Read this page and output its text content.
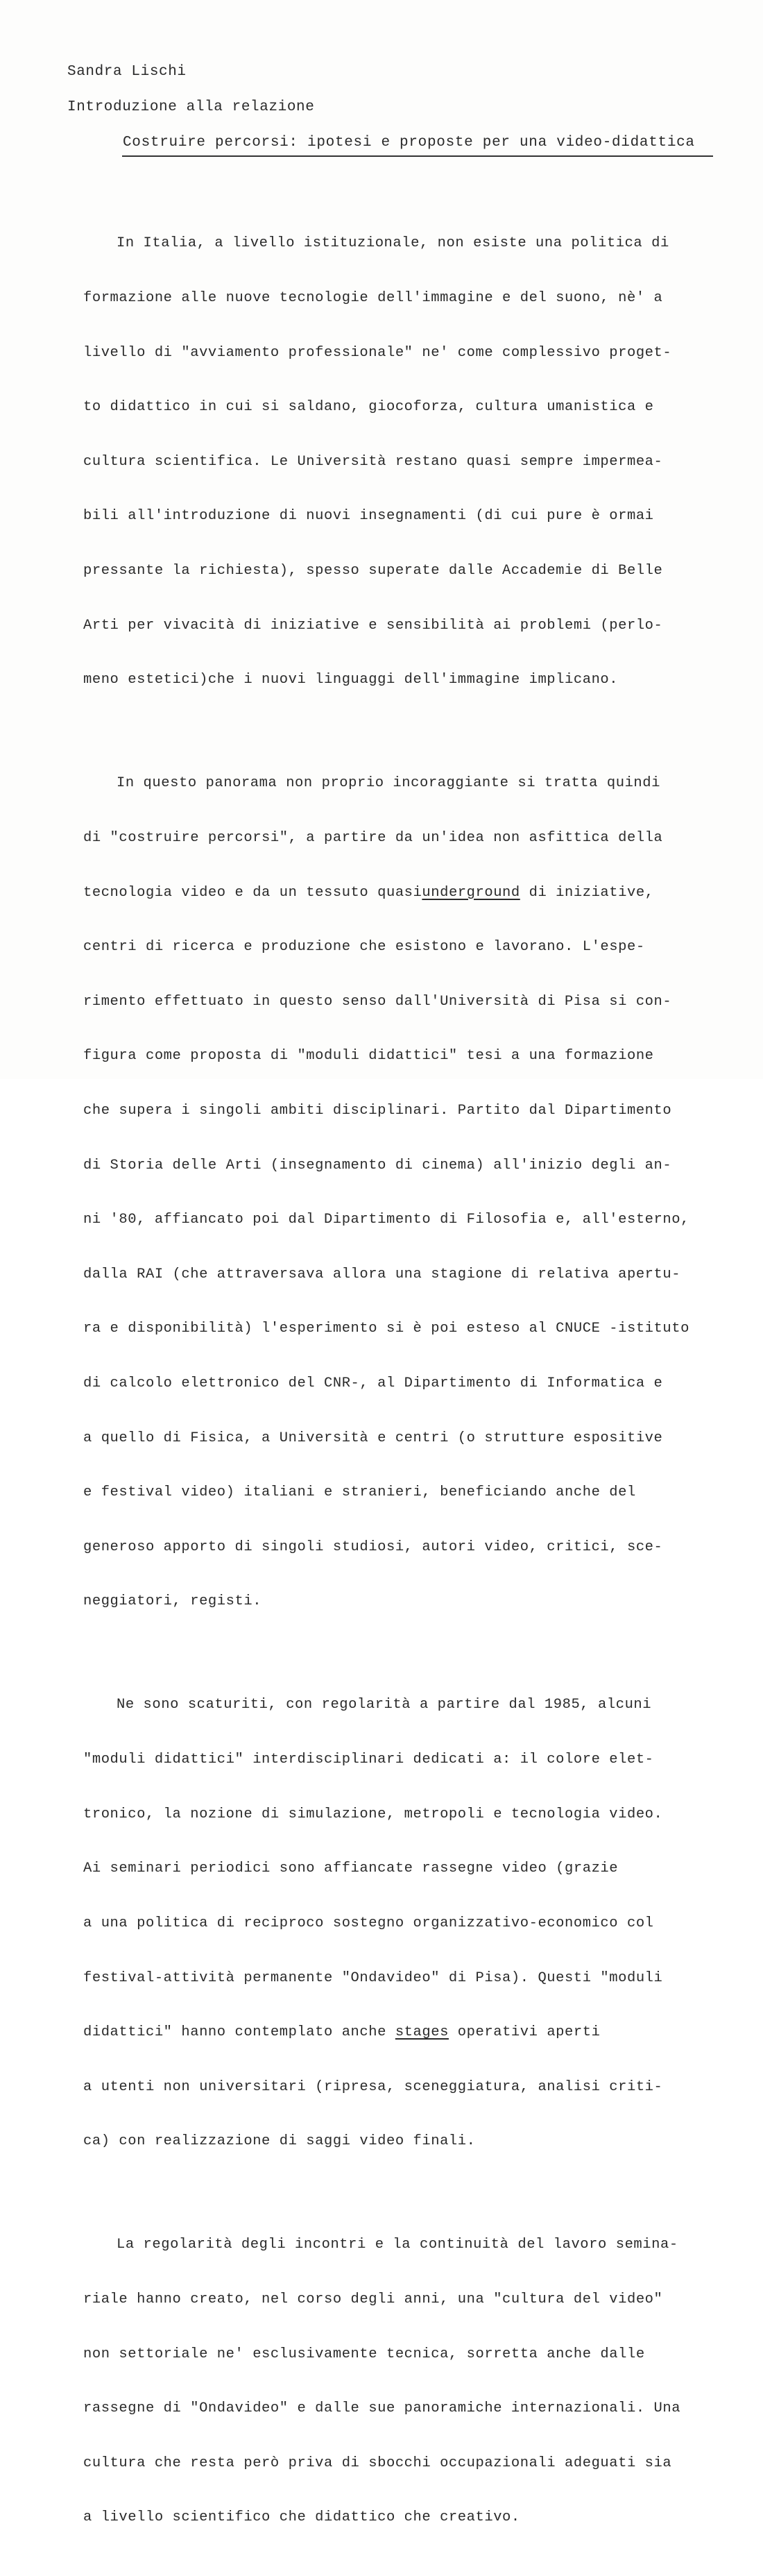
Sandra Lischi
Introduzione alla relazione
Costruire percorsi: ipotesi e proposte per una video-didattica

In Italia, a livello istituzionale, non esiste una politica di

formazione alle nuove tecnologie dell'immagine e del suono, nè' a

livello di "avviamento professionale" ne' come complessivo proget-

to didattico in cui si saldano, giocoforza, cultura umanistica e

cultura scientifica. Le Università restano quasi sempre impermea-

bili all'introduzione di nuovi insegnamenti (di cui pure è ormai

pressante la richiesta), spesso superate dalle Accademie di Belle

Arti per vivacità di iniziative e sensibilità ai problemi (perlo-

meno estetici)che i nuovi linguaggi dell'immagine implicano.

In questo panorama non proprio incoraggiante si tratta quindi

di "costruire percorsi", a partire da un'idea non asfittica della

tecnologia video e da un tessuto quasiunderground di iniziative,

centri di ricerca e produzione che esistono e lavorano. L'espe-

rimento effettuato in questo senso dall'Università di Pisa si con-

figura come proposta di "moduli didattici" tesi a una formazione

che supera i singoli ambiti disciplinari. Partito dal Dipartimento

di Storia delle Arti (insegnamento di cinema) all'inizio degli an-

ni '80, affiancato poi dal Dipartimento di Filosofia e, all'esterno,

dalla RAI (che attraversava allora una stagione di relativa apertu-

ra e disponibilità) l'esperimento si è poi esteso al CNUCE -istituto

di calcolo elettronico del CNR-, al Dipartimento di Informatica e

a quello di Fisica, a Università e centri (o strutture espositive

e festival video) italiani e stranieri, beneficiando anche del

generoso apporto di singoli studiosi, autori video, critici, sce-

neggiatori, registi.

Ne sono scaturiti, con regolarità a partire dal 1985, alcuni

"moduli didattici" interdisciplinari dedicati a: il colore elet-

tronico, la nozione di simulazione, metropoli e tecnologia video.

Ai seminari periodici sono affiancate rassegne video (grazie

a una politica di reciproco sostegno organizzativo-economico col

festival-attività permanente "Ondavideo" di Pisa). Questi "moduli

didattici" hanno contemplato anche stages operativi aperti

a utenti non universitari (ripresa, sceneggiatura, analisi criti-

ca) con realizzazione di saggi video finali.

La regolarità degli incontri e la continuità del lavoro semina-

riale hanno creato, nel corso degli anni, una "cultura del video"

non settoriale ne' esclusivamente tecnica, sorretta anche dalle

rassegne di "Ondavideo" e dalle sue panoramiche internazionali. Una

cultura che resta però priva di sbocchi occupazionali adeguati sia

a livello scientifico che didattico che creativo.
